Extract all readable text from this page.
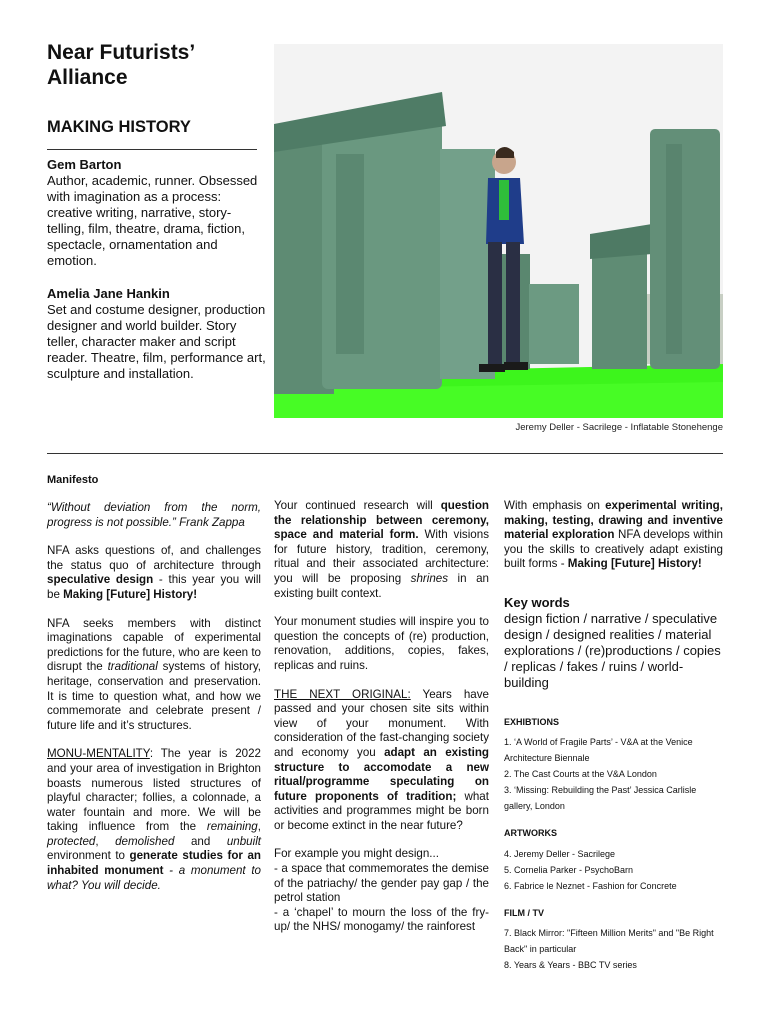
Near Futurists’ Alliance
MAKING HISTORY
Gem Barton
Author, academic, runner. Obsessed with imagination as a process: creative writing, narrative, story-telling, film, theatre, drama, fiction, spectacle, ornamentation and emotion.
Amelia Jane Hankin
Set and costume designer, production designer and world builder. Story teller, character maker and script reader. Theatre, film, performance art, sculpture and installation.
Jeremy Deller - Sacrilege - Inflatable Stonehenge
Manifesto

“Without deviation from the norm, progress is not possible.” Frank Zappa

NFA asks questions of, and challenges the status quo of architecture through speculative design - this year you will be Making [Future] History!

NFA seeks members with distinct imaginations capable of experimental predictions for the future, who are keen to disrupt the traditional systems of history, heritage, conservation and preservation. It is time to question what, and how we commemorate and celebrate present / future life and it’s structures.

MONU-MENTALITY: The year is 2022 and your area of investigation in Brighton boasts numerous listed structures of playful character; follies, a colonnade, a water fountain and more. We will be taking influence from the remaining, protected, demolished and unbuilt environment to generate studies for an inhabited monument - a monument to what? You will decide.

Your continued research will question the relationship between ceremony, space and material form. With visions for future history, tradition, ceremony, ritual and their associated architecture: you will be proposing shrines in an existing built context.

Your monument studies will inspire you to question the concepts of (re) production, renovation, additions, copies, fakes, replicas and ruins.

THE NEXT ORIGINAL: Years have passed and your chosen site sits within view of your monument. With consideration of the fast-changing society and economy you adapt an existing structure to accomodate a new ritual/programme speculating on future proponents of tradition; what activities and programmes might be born or become extinct in the near future?

For example you might design...
- a space that commemorates the demise of the patriachy/ the gender pay gap / the petrol station
- a ‘chapel’ to mourn the loss of the fry-up/ the NHS/ monogamy/ the rainforest

With emphasis on experimental writing, making, testing, drawing and inventive material exploration NFA develops within you the skills to creatively adapt existing built forms - Making [Future] History!

Key words
design fiction / narrative / speculative design / designed realities / material explorations / (re)productions / copies / replicas / fakes / ruins / world-building
EXHIBTIONS
1. ‘A World of Fragile Parts’ - V&A at the Venice Architecture Biennale
2. The Cast Courts at the V&A London
3. ‘Missing: Rebuilding the Past’ Jessica Carlisle gallery, London
ARTWORKS
4. Jeremy Deller - Sacrilege
5. Cornelia Parker - PsychoBarn
6. Fabrice le Neznet - Fashion for Concrete
FILM / TV
7. Black Mirror: "Fifteen Million Merits" and "Be Right Back" in particular
8. Years & Years - BBC TV series
